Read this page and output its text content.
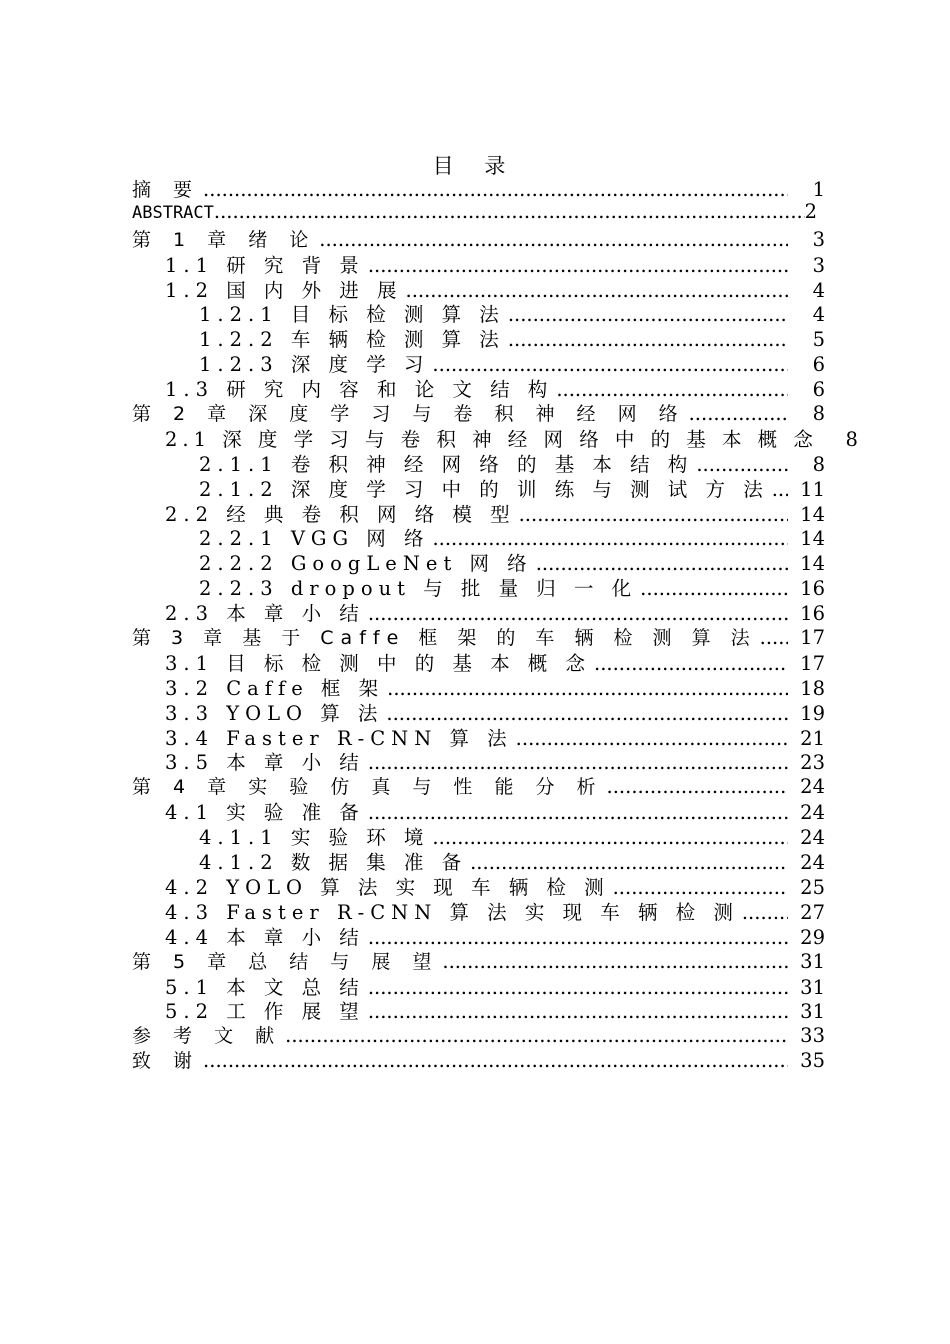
目 录
摘 要 .....	1
ABSTRACT .....	2
第 1 章 绪 论 .....	3
1.1 研 究 背 景 .....	3
1.2 国 内 外 进 展 .....	4
1.2.1 目 标 检 测 算 法 .....	4
1.2.2 车 辆 检 测 算 法 .....	5
1.2.3 深 度 学 习 .....	6
1.3 研 究 内 容 和 论 文 结 构 .....	6
第 2 章 深 度 学 习 与 卷 积 神 经 网 络 .....	8
2.1 深 度 学 习 与 卷 积 神 经 网 络 中 的 基 本 概 念	8
2.1.1 卷 积 神 经 网 络 的 基 本 结 构 .....	8
2.1.2 深 度 学 习 中 的 训 练 与 测 试 方 法 .....	11
2.2 经 典 卷 积 网 络 模 型 .....	14
2.2.1 VGG 网 络 .....	14
2.2.2 GoogLeNet 网 络 .....	14
2.2.3 dropout 与 批 量 归 一 化 .....	16
2.3 本 章 小 结 .....	16
第 3 章 基 于 Caffe 框 架 的 车 辆 检 测 算 法 .....	17
3.1 目 标 检 测 中 的 基 本 概 念 .....	17
3.2 Caffe 框 架 .....	18
3.3 YOLO 算 法 .....	19
3.4 Faster R-CNN 算 法 .....	21
3.5 本 章 小 结 .....	23
第 4 章 实 验 仿 真 与 性 能 分 析 .....	24
4.1 实 验 准 备 .....	24
4.1.1 实 验 环 境 .....	24
4.1.2 数 据 集 准 备 .....	24
4.2 YOLO 算 法 实 现 车 辆 检 测 .....	25
4.3 Faster R-CNN 算 法 实 现 车 辆 检 测 .....	27
4.4 本 章 小 结 .....	29
第 5 章 总 结 与 展 望 .....	31
5.1 本 文 总 结 .....	31
5.2 工 作 展 望 .....	31
参 考 文 献 .....	33
致 谢 .....	35
